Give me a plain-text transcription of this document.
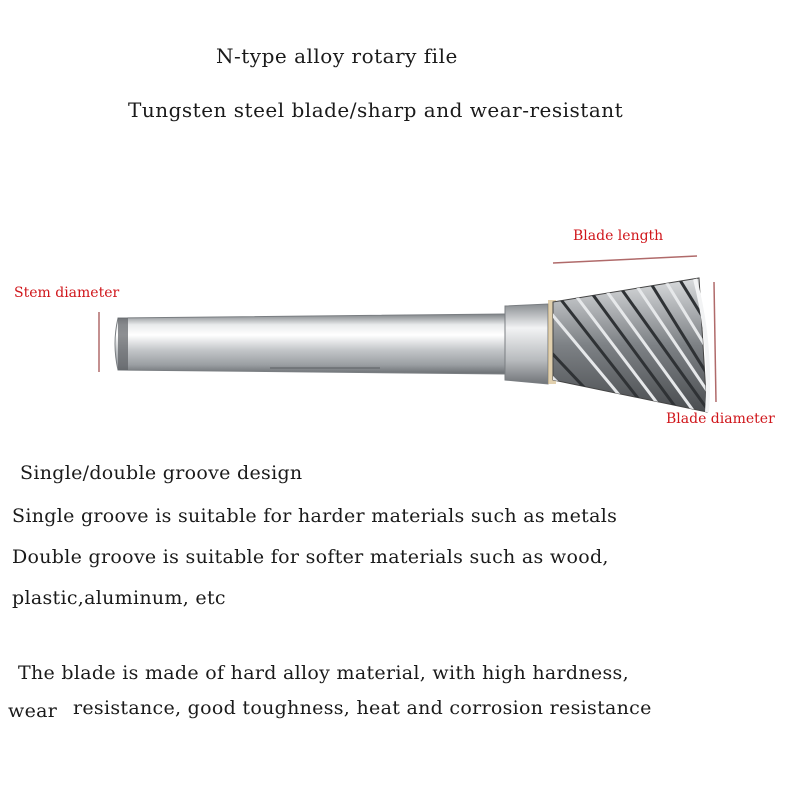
N-type alloy rotary file
Tungsten steel blade/sharp and wear-resistant
Blade length
Stem diameter
Blade diameter
Single/double groove design
Single groove is suitable for harder materials such as metals
Double groove is suitable for softer materials such as wood,
plastic,aluminum, etc
The blade is made of hard alloy material, with high hardness,
wear resistance, good toughness, heat and corrosion resistance
